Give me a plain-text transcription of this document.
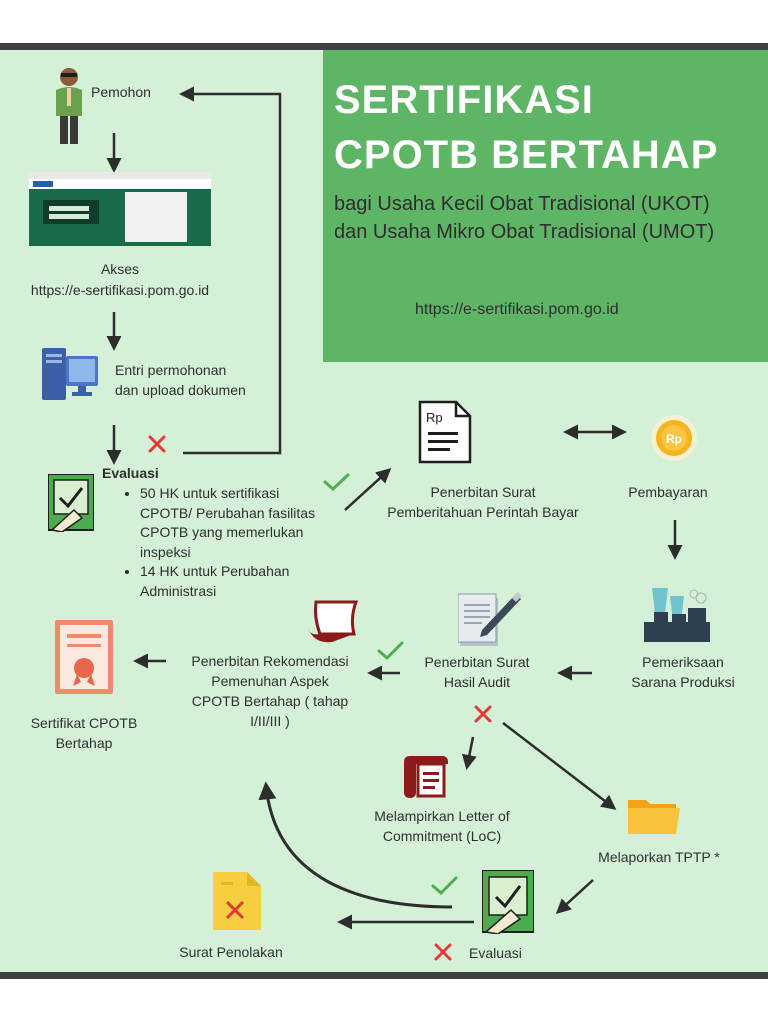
SERTIFIKASI
CPOTB BERTAHAP
bagi Usaha Kecil Obat Tradisional (UKOT)
dan Usaha Mikro Obat Tradisional (UMOT)
https://e-sertifikasi.pom.go.id
Rp
Rp
Pemohon
Akses
https://e-sertifikasi.pom.go.id
Entri permohonan
dan upload dokumen
Evaluasi
• 50 HK untuk sertifikasi CPOTB/ Perubahan fasilitas CPOTB yang memerlukan inspeksi
• 14 HK untuk Perubahan Administrasi
Penerbitan Surat
Pemberitahuan Perintah Bayar
Pembayaran
Pemeriksaan
Sarana Produksi
Penerbitan Surat
Hasil Audit
Penerbitan Rekomendasi
Pemenuhan Aspek
CPOTB Bertahap ( tahap
I/II/III )
Sertifikat CPOTB
Bertahap
Melampirkan Letter of
Commitment (LoC)
Melaporkan TPTP *
Evaluasi
Surat Penolakan
